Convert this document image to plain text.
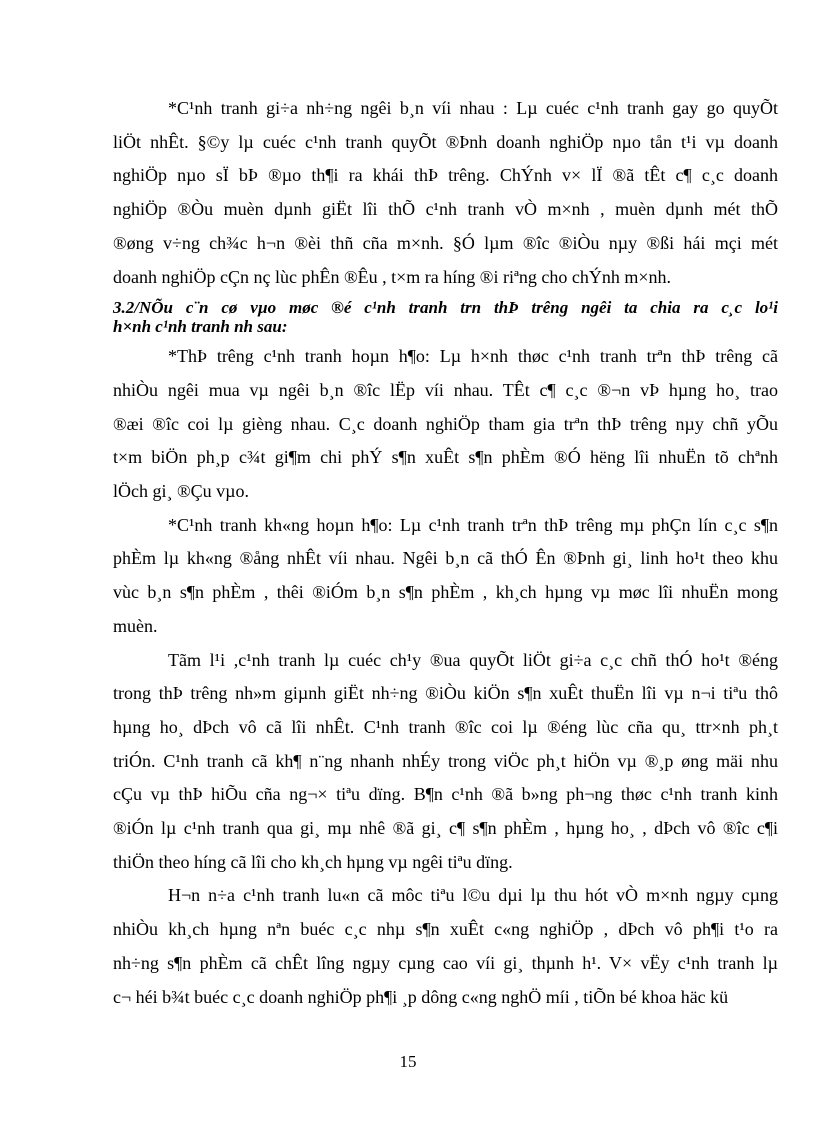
*C¹nh tranh gi÷a nh÷ng ngêi b¸n víi nhau : Lµ cuéc c¹nh tranh gay go quyÕt
liÖt nhÊt. §©y lµ cuéc c¹nh tranh quyÕt ®Þnh doanh nghiÖp nµo tån t¹i vµ doanh
nghiÖp nµo sÏ bÞ ®µo th¶i ra khái thÞ trêng. ChÝnh v× lÏ ®ã tÊt c¶ c¸c doanh
nghiÖp ®Òu muèn dµnh giËt lîi thÕ c¹nh tranh vÒ m×nh , muèn dµnh mét thÕ
®øng v÷ng ch¾c h¬n ®èi thñ cña m×nh. §Ó lµm ®îc ®iÒu nµy ®ßi hái mçi mét
doanh nghiÖp cÇn nç lùc phÊn ®Êu , t×m ra híng ®i riªng cho chÝnh m×nh.
3.2/NÕu c¨n cø vµo møc ®é c¹nh tranh trn thÞ trêng ngêi ta chia ra c¸c lo¹i
h×nh c¹nh tranh nh sau:
*ThÞ trêng c¹nh tranh hoµn h¶o: Lµ h×nh thøc c¹nh tranh trªn thÞ trêng cã
nhiÒu ngêi mua vµ ngêi b¸n ®îc lËp víi nhau. TÊt c¶ c¸c ®¬n vÞ hµng ho¸ trao
®æi ®îc coi lµ gièng nhau. C¸c doanh nghiÖp tham gia trªn thÞ trêng nµy chñ yÕu
t×m biÖn ph¸p c¾t gi¶m chi phÝ s¶n xuÊt s¶n phÈm ®Ó hëng lîi nhuËn tõ chªnh
lÖch gi¸ ®Çu vµo.
*C¹nh tranh kh«ng hoµn h¶o: Lµ c¹nh tranh trªn thÞ trêng mµ phÇn lín c¸c s¶n
phÈm lµ kh«ng ®ång nhÊt víi nhau. Ngêi b¸n cã thÓ Ên ®Þnh gi¸ linh ho¹t theo khu
vùc b¸n s¶n phÈm , thêi ®iÓm b¸n s¶n phÈm , kh¸ch hµng vµ møc lîi nhuËn mong
muèn.
Tãm l¹i ,c¹nh tranh lµ cuéc ch¹y ®ua quyÕt liÖt gi÷a c¸c chñ thÓ ho¹t ®éng
trong thÞ trêng nh»m giµnh giËt nh÷ng ®iÒu kiÖn s¶n xuÊt thuËn lîi vµ n¬i tiªu thô
hµng ho¸ dÞch vô cã lîi nhÊt. C¹nh tranh ®îc coi lµ ®éng lùc cña qu¸ ttr×nh ph¸t
triÓn. C¹nh tranh cã kh¶ n¨ng nhanh nhÉy trong viÖc ph¸t hiÖn vµ ®¸p øng mäi nhu
cÇu vµ thÞ hiÕu cña ng¬× tiªu dïng. B¶n c¹nh ®ã b»ng ph¬ng thøc c¹nh tranh kinh
®iÓn lµ c¹nh tranh qua gi¸ mµ nhê ®ã gi¸ c¶ s¶n phÈm , hµng ho¸ , dÞch vô ®îc c¶i
thiÖn theo híng cã lîi cho kh¸ch hµng vµ ngêi tiªu dïng.
H¬n n÷a c¹nh tranh lu«n cã môc tiªu l©u dµi lµ thu hót vÒ m×nh ngµy cµng
nhiÒu kh¸ch hµng nªn buéc c¸c nhµ s¶n xuÊt c«ng nghiÖp , dÞch vô ph¶i t¹o ra
nh÷ng s¶n phÈm cã chÊt lîng ngµy cµng cao víi gi¸ thµnh h¹. V× vËy c¹nh tranh lµ
c¬ héi b¾t buéc c¸c doanh nghiÖp ph¶i ¸p dông c«ng nghÖ míi , tiÕn bé khoa häc kü
15
